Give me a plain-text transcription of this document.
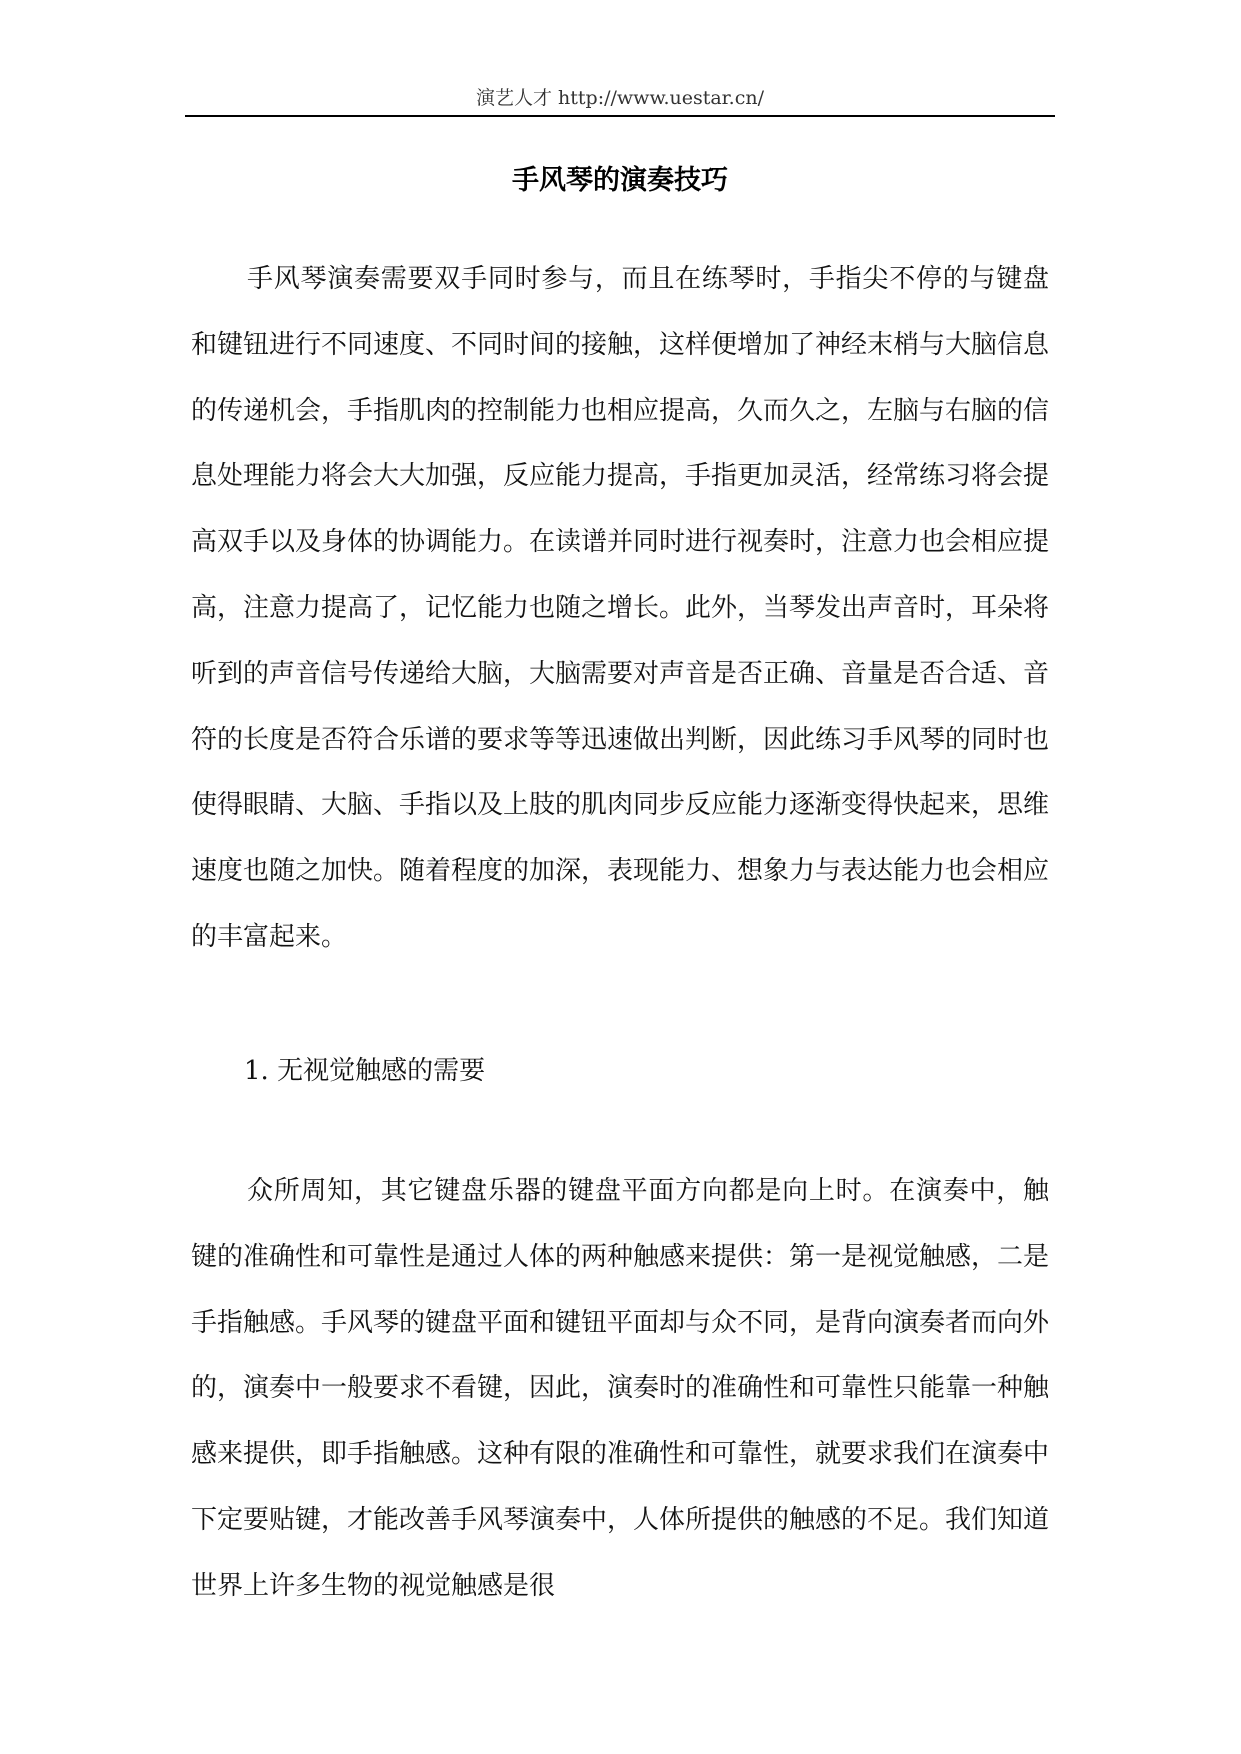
演艺人才 http://www.uestar.cn/
手风琴的演奏技巧

手风琴演奏需要双手同时参与，而且在练琴时，手指尖不停的与键盘和键钮进行不同速度、不同时间的接触，这样便增加了神经末梢与大脑信息的传递机会，手指肌肉的控制能力也相应提高，久而久之，左脑与右脑的信息处理能力将会大大加强，反应能力提高，手指更加灵活，经常练习将会提高双手以及身体的协调能力。在读谱并同时进行视奏时，注意力也会相应提高，注意力提高了，记忆能力也随之增长。此外，当琴发出声音时，耳朵将听到的声音信号传递给大脑，大脑需要对声音是否正确、音量是否合适、音符的长度是否符合乐谱的要求等等迅速做出判断，因此练习手风琴的同时也使得眼睛、大脑、手指以及上肢的肌肉同步反应能力逐渐变得快起来，思维速度也随之加快。随着程度的加深，表现能力、想象力与表达能力也会相应的丰富起来。

1. 无视觉触感的需要

众所周知，其它键盘乐器的键盘平面方向都是向上时。在演奏中，触键的准确性和可靠性是通过人体的两种触感来提供：第一是视觉触感，二是手指触感。手风琴的键盘平面和键钮平面却与众不同，是背向演奏者而向外的，演奏中一般要求不看键，因此，演奏时的准确性和可靠性只能靠一种触感来提供，即手指触感。这种有限的准确性和可靠性，就要求我们在演奏中下定要贴键，才能改善手风琴演奏中，人体所提供的触感的不足。我们知道世界上许多生物的视觉触感是很
